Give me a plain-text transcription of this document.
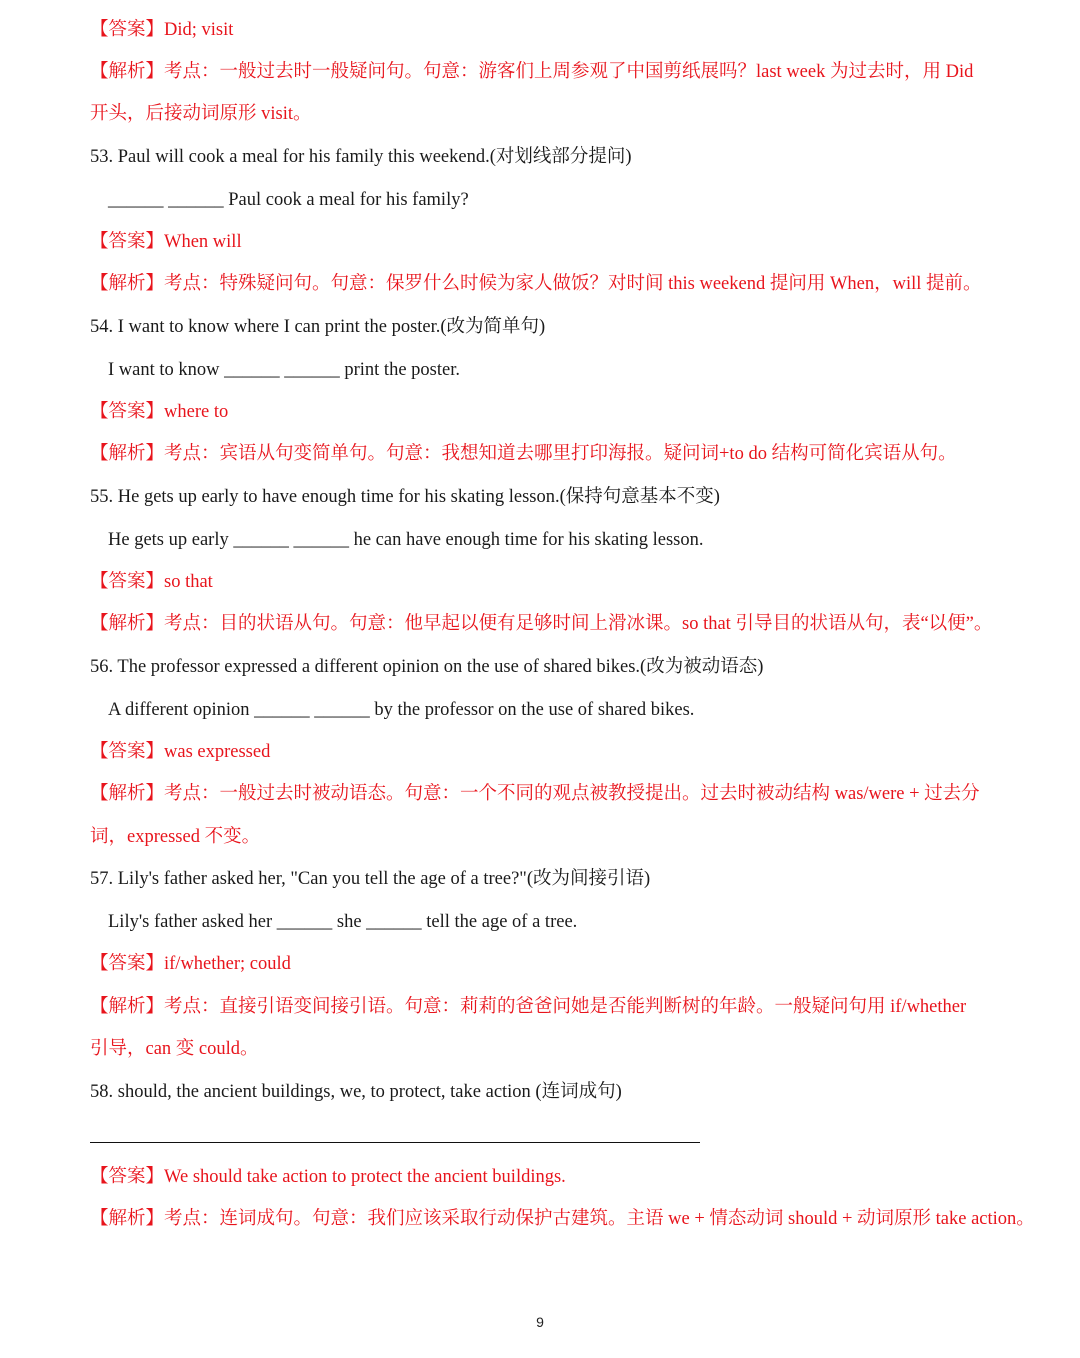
【答案】Did; visit
【解析】考点：一般过去时一般疑问句。句意：游客们上周参观了中国剪纸展吗？last week 为过去时，用 Did
开头，后接动词原形 visit。
53. Paul will cook a meal for his family this weekend.(对划线部分提问)
______ ______ Paul cook a meal for his family?
【答案】When will
【解析】考点：特殊疑问句。句意：保罗什么时候为家人做饭？对时间 this weekend 提问用 When，will 提前。
54. I want to know where I can print the poster.(改为简单句)
I want to know ______ ______ print the poster.
【答案】where to
【解析】考点：宾语从句变简单句。句意：我想知道去哪里打印海报。疑问词+to do 结构可简化宾语从句。
55. He gets up early to have enough time for his skating lesson.(保持句意基本不变)
He gets up early ______ ______ he can have enough time for his skating lesson.
【答案】so that
【解析】考点：目的状语从句。句意：他早起以便有足够时间上滑冰课。so that 引导目的状语从句，表“以便”。
56. The professor expressed a different opinion on the use of shared bikes.(改为被动语态)
A different opinion ______ ______ by the professor on the use of shared bikes.
【答案】was expressed
【解析】考点：一般过去时被动语态。句意：一个不同的观点被教授提出。过去时被动结构 was/were + 过去分
词，expressed 不变。
57. Lily's father asked her, "Can you tell the age of a tree?"(改为间接引语)
Lily's father asked her ______ she ______ tell the age of a tree.
【答案】if/whether; could
【解析】考点：直接引语变间接引语。句意：莉莉的爸爸问她是否能判断树的年龄。一般疑问句用 if/whether
引导，can 变 could。
58. should, the ancient buildings, we, to protect, take action (连词成句)
【答案】We should take action to protect the ancient buildings.
【解析】考点：连词成句。句意：我们应该采取行动保护古建筑。主语 we + 情态动词 should + 动词原形 take action。
9
